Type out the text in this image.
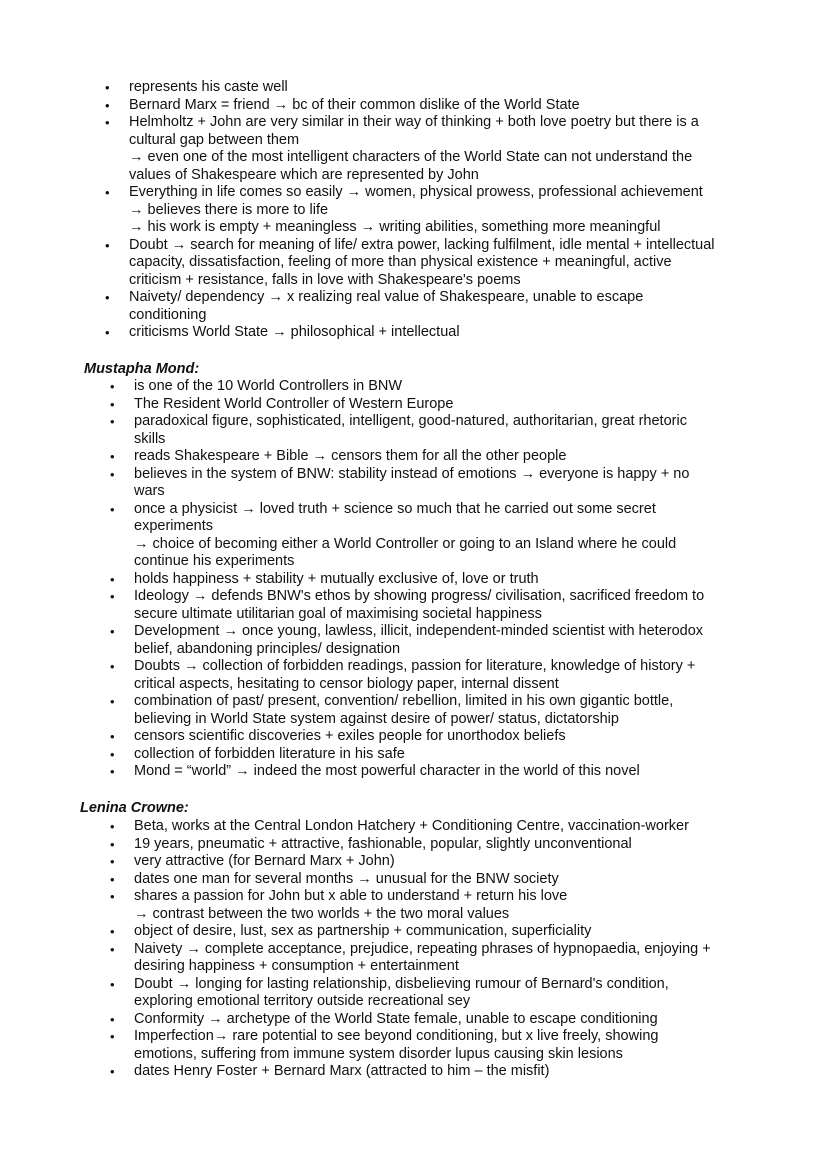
• represents his caste well
• Bernard Marx = friend → bc of their common dislike of the World State
• Helmholtz + John are very similar in their way of thinking + both love poetry but there is a
cultural gap between them
→ even one of the most intelligent characters of the World State can not understand the
values of Shakespeare which are represented by John
• Everything in life comes so easily → women, physical prowess, professional achievement
→ believes there is more to life
→ his work is empty + meaningless → writing abilities, something more meaningful
• Doubt → search for meaning of life/ extra power, lacking fulfilment, idle mental + intellectual
capacity, dissatisfaction, feeling of more than physical existence + meaningful, active
criticism + resistance, falls in love with Shakespeare's poems
• Naivety/ dependency → x realizing real value of Shakespeare, unable to escape
conditioning
• criticisms World State → philosophical + intellectual
Mustapha Mond:
• is one of the 10 World Controllers in BNW
• The Resident World Controller of Western Europe
• paradoxical figure, sophisticated, intelligent, good-natured, authoritarian, great rhetoric
skills
• reads Shakespeare + Bible → censors them for all the other people
• believes in the system of BNW: stability instead of emotions → everyone is happy + no
wars
• once a physicist → loved truth + science so much that he carried out some secret
experiments
→ choice of becoming either a World Controller or going to an Island where he could
continue his experiments
• holds happiness + stability + mutually exclusive of, love or truth
• Ideology → defends BNW's ethos by showing progress/ civilisation, sacrificed freedom to
secure ultimate utilitarian goal of maximising societal happiness
• Development → once young, lawless, illicit, independent-minded scientist with heterodox
belief, abandoning principles/ designation
• Doubts → collection of forbidden readings, passion for literature, knowledge of history +
critical aspects, hesitating to censor biology paper, internal dissent
• combination of past/ present, convention/ rebellion, limited in his own gigantic bottle,
believing in World State system against desire of power/ status, dictatorship
• censors scientific discoveries + exiles people for unorthodox beliefs
• collection of forbidden literature in his safe
• Mond = “world” → indeed the most powerful character in the world of this novel
Lenina Crowne:
• Beta, works at the Central London Hatchery + Conditioning Centre, vaccination-worker
• 19 years, pneumatic + attractive, fashionable, popular, slightly unconventional
• very attractive (for Bernard Marx + John)
• dates one man for several months → unusual for the BNW society
• shares a passion for John but x able to understand + return his love
→ contrast between the two worlds + the two moral values
• object of desire, lust, sex as partnership + communication, superficiality
• Naivety → complete acceptance, prejudice, repeating phrases of hypnopaedia, enjoying +
desiring happiness + consumption + entertainment
• Doubt → longing for lasting relationship, disbelieving rumour of Bernard's condition,
exploring emotional territory outside recreational sey
• Conformity → archetype of the World State female, unable to escape conditioning
• Imperfection→ rare potential to see beyond conditioning, but x live freely, showing
emotions, suffering from immune system disorder lupus causing skin lesions
• dates Henry Foster + Bernard Marx (attracted to him – the misfit)
